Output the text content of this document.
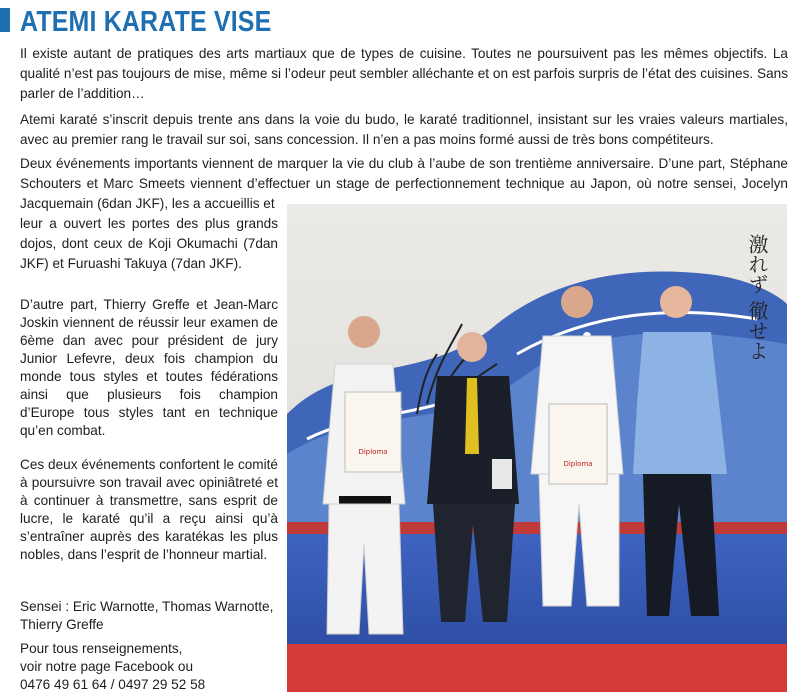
ATEMI KARATE VISE

Il existe autant de pratiques des arts martiaux que de types de cuisine. Toutes ne poursuivent pas les mêmes objectifs. La qualité n’est pas toujours de mise, même si l’odeur peut sembler alléchante et on est parfois surpris de l’état des cuisines. Sans parler de l’addition…

Atemi karaté s’inscrit depuis trente ans dans la voie du budo, le karaté traditionnel, insistant sur les vraies valeurs martiales, avec au premier rang le travail sur soi, sans concession. Il n’en a pas moins formé aussi de très bons compétiteurs.

Deux événements importants viennent de marquer la vie du club à l’aube de son trentième anniversaire. D’une part, Stéphane Schouters et Marc Smeets viennent d’effectuer un stage de perfectionnement technique au Japon, où notre sensei, Jocelyn Jacquemain (6dan JKF), les a accueillis et

leur a ouvert les portes des plus grands dojos, dont ceux de Koji Okumachi (7dan JKF) et Furuashi Takuya (7dan JKF).

D’autre part, Thierry Greffe et Jean-Marc Joskin viennent de réussir leur examen de 6ème dan avec pour président de jury Junior Lefevre, deux fois champion du monde tous styles et toutes fédérations ainsi que plusieurs fois champion d’Europe tous styles tant en technique qu’en combat.

Ces deux événements confortent le comité à poursuivre son travail avec opiniâtreté et à continuer à transmettre, sans esprit de lucre, le karaté qu’il a reçu ainsi qu’à s’entraîner auprès des karatékas les plus nobles, dans l’esprit de l’honneur martial.

Sensei : Eric Warnotte, Thomas Warnotte, Thierry Greffe

Pour tous renseignements,
voir notre page Facebook ou
0476 49 61 64 / 0497 29 52 58
激れず 徹せよ
Diploma
Diploma
